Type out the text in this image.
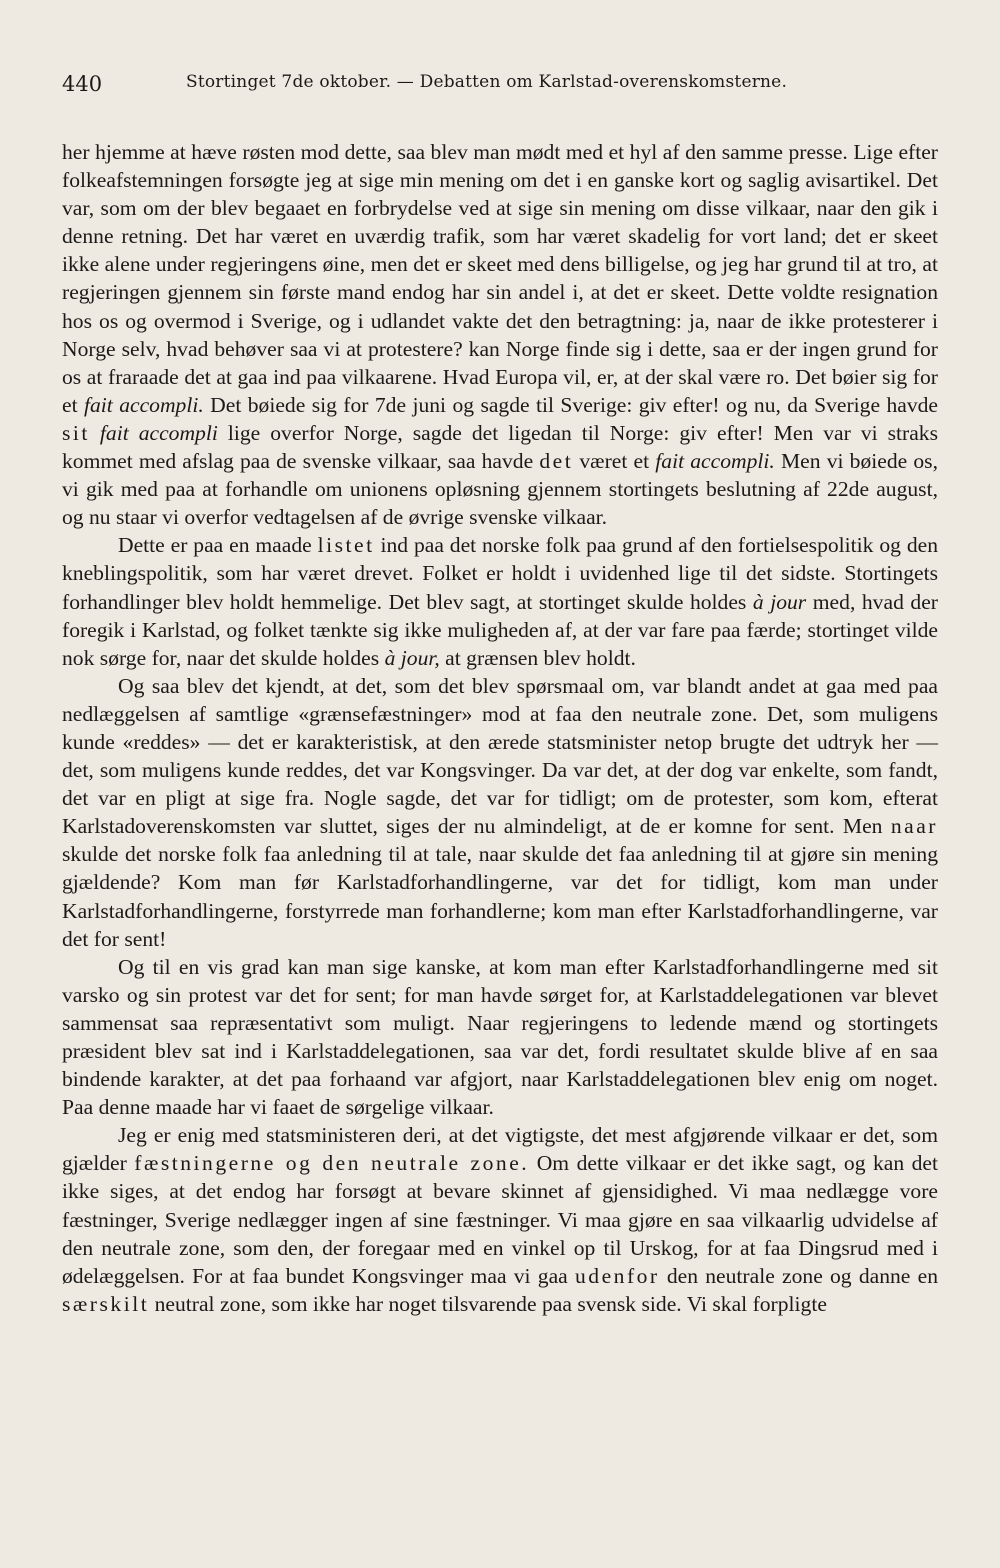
440	Stortinget 7de oktober. — Debatten om Karlstad-overenskomsterne.

her hjemme at hæve røsten mod dette, saa blev man mødt med et hyl af den samme presse. Lige efter folkeafstemningen forsøgte jeg at sige min mening om det i en ganske kort og saglig avisartikel. Det var, som om der blev begaaet en forbrydelse ved at sige sin mening om disse vilkaar, naar den gik i denne retning. Det har været en uværdig trafik, som har været skadelig for vort land; det er skeet ikke alene under regjeringens øine, men det er skeet med dens billigelse, og jeg har grund til at tro, at regjeringen gjennem sin første mand endog har sin andel i, at det er skeet. Dette voldte resignation hos os og overmod i Sverige, og i udlandet vakte det den betragtning: ja, naar de ikke protesterer i Norge selv, hvad behøver saa vi at protestere? kan Norge finde sig i dette, saa er der ingen grund for os at fraraade det at gaa ind paa vilkaarene. Hvad Europa vil, er, at der skal være ro. Det bøier sig for et fait accompli. Det bøiede sig for 7de juni og sagde til Sverige: giv efter! og nu, da Sverige havde sit fait accompli lige overfor Norge, sagde det ligedan til Norge: giv efter! Men var vi straks kommet med afslag paa de svenske vilkaar, saa havde det været et fait accompli. Men vi bøiede os, vi gik med paa at forhandle om unionens opløsning gjennem stortingets beslutning af 22de august, og nu staar vi overfor vedtagelsen af de øvrige svenske vilkaar.

Dette er paa en maade listet ind paa det norske folk paa grund af den fortielsespolitik og den kneblingspolitik, som har været drevet. Folket er holdt i uvidenhed lige til det sidste. Stortingets forhandlinger blev holdt hemmelige. Det blev sagt, at stortinget skulde holdes à jour med, hvad der foregik i Karlstad, og folket tænkte sig ikke muligheden af, at der var fare paa færde; stortinget vilde nok sørge for, naar det skulde holdes à jour, at grænsen blev holdt.

Og saa blev det kjendt, at det, som det blev spørsmaal om, var blandt andet at gaa med paa nedlæggelsen af samtlige «grænsefæstninger» mod at faa den neutrale zone. Det, som muligens kunde «reddes» — det er karakteristisk, at den ærede statsminister netop brugte det udtryk her — det, som muligens kunde reddes, det var Kongsvinger. Da var det, at der dog var enkelte, som fandt, det var en pligt at sige fra. Nogle sagde, det var for tidligt; om de protester, som kom, efterat Karlstadoverenskomsten var sluttet, siges der nu almindeligt, at de er komne for sent. Men naar skulde det norske folk faa anledning til at tale, naar skulde det faa anledning til at gjøre sin mening gjældende? Kom man før Karlstadforhandlingerne, var det for tidligt, kom man under Karlstadforhandlingerne, forstyrrede man forhandlerne; kom man efter Karlstadforhandlingerne, var det for sent!

Og til en vis grad kan man sige kanske, at kom man efter Karlstadforhandlingerne med sit varsko og sin protest var det for sent; for man havde sørget for, at Karlstaddelegationen var blevet sammensat saa repræsentativt som muligt. Naar regjeringens to ledende mænd og stortingets præsident blev sat ind i Karlstaddelegationen, saa var det, fordi resultatet skulde blive af en saa bindende karakter, at det paa forhaand var afgjort, naar Karlstaddelegationen blev enig om noget. Paa denne maade har vi faaet de sørgelige vilkaar.

Jeg er enig med statsministeren deri, at det vigtigste, det mest afgjørende vilkaar er det, som gjælder fæstningerne og den neutrale zone. Om dette vilkaar er det ikke sagt, og kan det ikke siges, at det endog har forsøgt at bevare skinnet af gjensidighed. Vi maa nedlægge vore fæstninger, Sverige nedlægger ingen af sine fæstninger. Vi maa gjøre en saa vilkaarlig udvidelse af den neutrale zone, som den, der foregaar med en vinkel op til Urskog, for at faa Dingsrud med i ødelæggelsen. For at faa bundet Kongsvinger maa vi gaa udenfor den neutrale zone og danne en særskilt neutral zone, som ikke har noget tilsvarende paa svensk side. Vi skal forpligte
